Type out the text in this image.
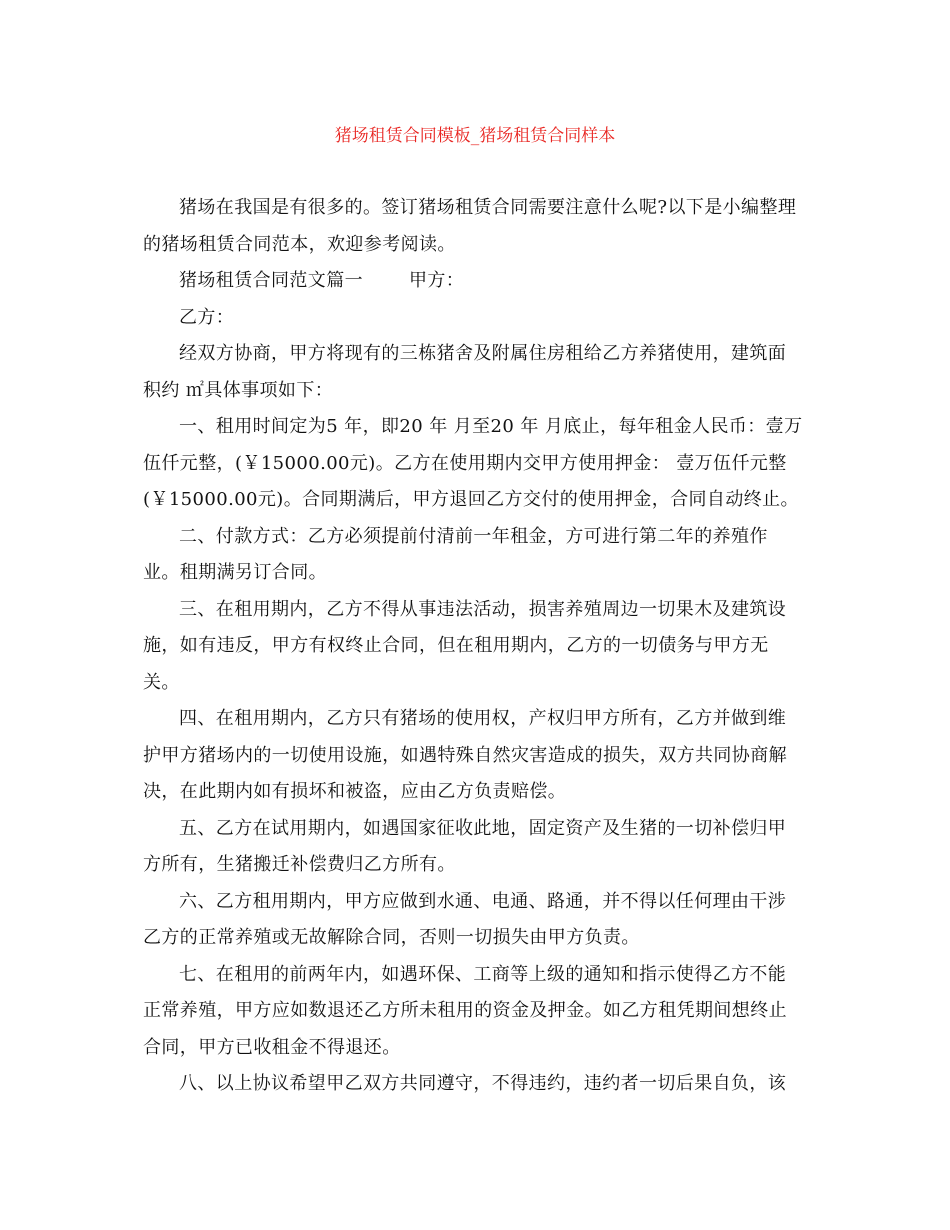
猪场租赁合同模板_猪场租赁合同样本

猪场在我国是有很多的。签订猪场租赁合同需要注意什么呢?以下是小编整理的猪场租赁合同范本，欢迎参考阅读。

猪场租赁合同范文篇一	甲方：

乙方：

经双方协商，甲方将现有的三栋猪舍及附属住房租给乙方养猪使用，建筑面积约 ㎡具体事项如下：

一、租用时间定为5 年，即20 年 月至20 年 月底止，每年租金人民币：壹万伍仟元整，(￥15000.00元)。乙方在使用期内交甲方使用押金： 壹万伍仟元整(￥15000.00元)。合同期满后，甲方退回乙方交付的使用押金，合同自动终止。

二、付款方式：乙方必须提前付清前一年租金，方可进行第二年的养殖作业。租期满另订合同。

三、在租用期内，乙方不得从事违法活动，损害养殖周边一切果木及建筑设施，如有违反，甲方有权终止合同，但在租用期内，乙方的一切债务与甲方无关。

四、在租用期内，乙方只有猪场的使用权，产权归甲方所有，乙方并做到维护甲方猪场内的一切使用设施，如遇特殊自然灾害造成的损失，双方共同协商解决，在此期内如有损坏和被盗，应由乙方负责赔偿。

五、乙方在试用期内，如遇国家征收此地，固定资产及生猪的一切补偿归甲方所有，生猪搬迁补偿费归乙方所有。

六、乙方租用期内，甲方应做到水通、电通、路通，并不得以任何理由干涉乙方的正常养殖或无故解除合同，否则一切损失由甲方负责。

七、在租用的前两年内，如遇环保、工商等上级的通知和指示使得乙方不能正常养殖，甲方应如数退还乙方所未租用的资金及押金。如乙方租凭期间想终止合同，甲方已收租金不得退还。

八、以上协议希望甲乙双方共同遵守，不得违约，违约者一切后果自负，该
